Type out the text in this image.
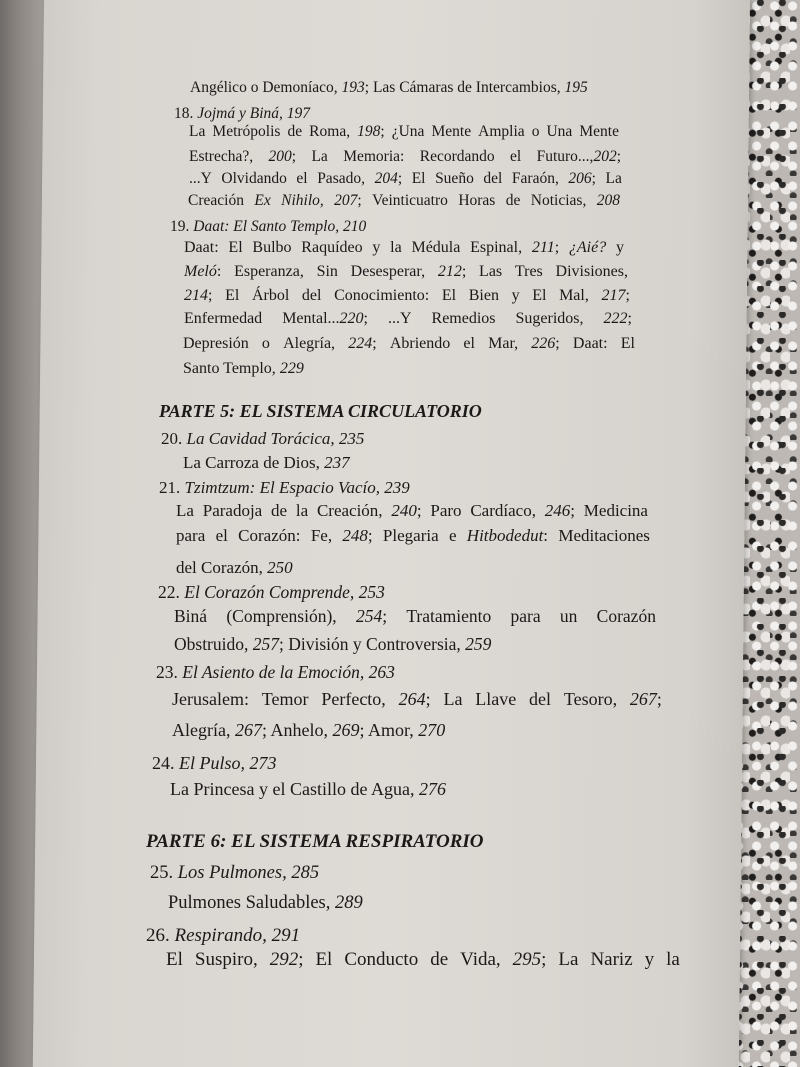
Angélico o Demoníaco, 193; Las Cámaras de Intercambios, 195

18. Jojmá y Biná, 197

La Metrópolis de Roma, 198; ¿Una Mente Amplia o Una Mente

Estrecha?, 200; La Memoria: Recordando el Futuro...,202;

...Y Olvidando el Pasado, 204; El Sueño del Faraón, 206; La

Creación Ex Nihilo, 207; Veinticuatro Horas de Noticias, 208

19. Daat: El Santo Templo, 210

Daat: El Bulbo Raquídeo y la Médula Espinal, 211; ¿Aié? y

Meló: Esperanza, Sin Desesperar, 212; Las Tres Divisiones,

214; El Árbol del Conocimiento: El Bien y El Mal, 217;

Enfermedad Mental...220; ...Y Remedios Sugeridos, 222;

Depresión o Alegría, 224; Abriendo el Mar, 226; Daat: El

Santo Templo, 229

PARTE 5: EL SISTEMA CIRCULATORIO

20. La Cavidad Torácica, 235

La Carroza de Dios, 237

21. Tzimtzum: El Espacio Vacío, 239

La Paradoja de la Creación, 240; Paro Cardíaco, 246; Medicina

para el Corazón: Fe, 248; Plegaria e Hitbodedut: Meditaciones

del Corazón, 250

22. El Corazón Comprende, 253

Biná (Comprensión), 254; Tratamiento para un Corazón

Obstruido, 257; División y Controversia, 259

23. El Asiento de la Emoción, 263

Jerusalem: Temor Perfecto, 264; La Llave del Tesoro, 267;

Alegría, 267; Anhelo, 269; Amor, 270

24. El Pulso, 273

La Princesa y el Castillo de Agua, 276

PARTE 6: EL SISTEMA RESPIRATORIO

25. Los Pulmones, 285

Pulmones Saludables, 289

26. Respirando, 291

El Suspiro, 292; El Conducto de Vida, 295; La Nariz y la
